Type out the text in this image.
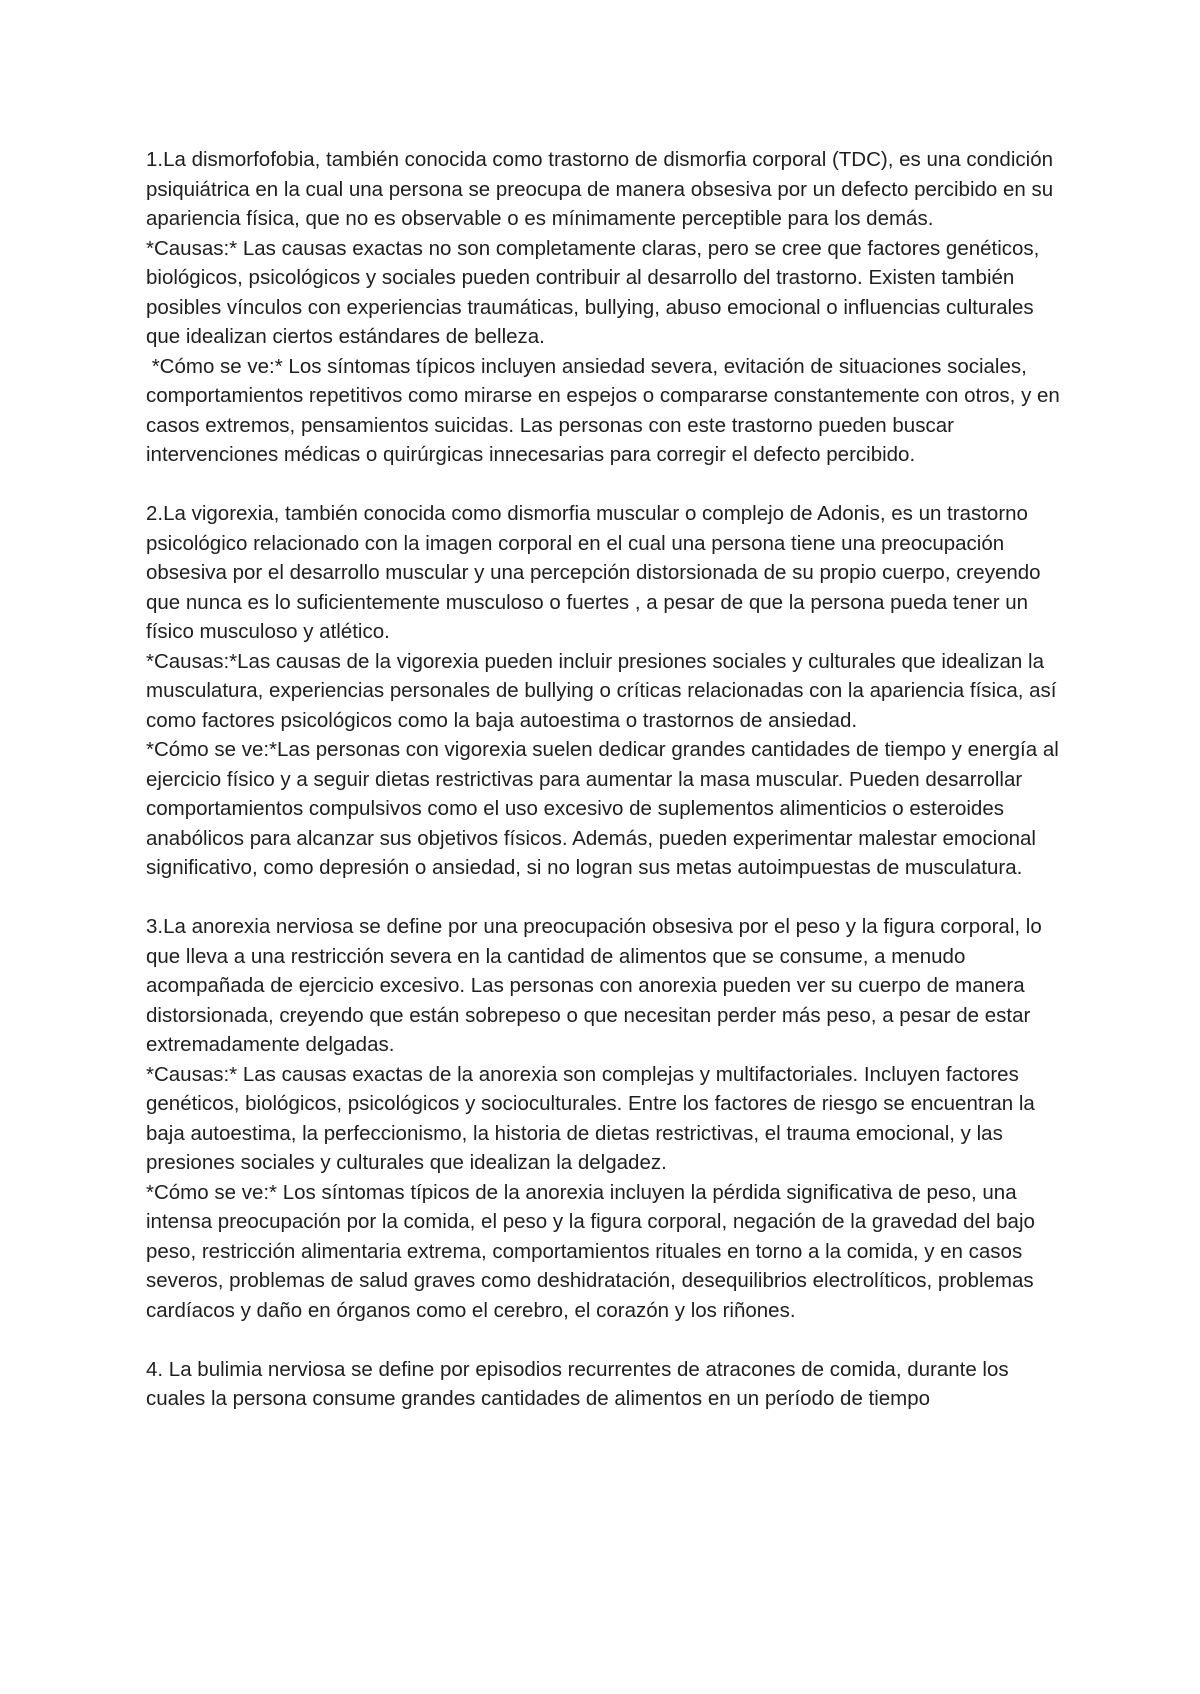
1.La dismorfofobia, también conocida como trastorno de dismorfia corporal (TDC), es una condición psiquiátrica en la cual una persona se preocupa de manera obsesiva por un defecto percibido en su apariencia física, que no es observable o es mínimamente perceptible para los demás.

*Causas:* Las causas exactas no son completamente claras, pero se cree que factores genéticos, biológicos, psicológicos y sociales pueden contribuir al desarrollo del trastorno. Existen también posibles vínculos con experiencias traumáticas, bullying, abuso emocional o influencias culturales que idealizan ciertos estándares de belleza.

*Cómo se ve:* Los síntomas típicos incluyen ansiedad severa, evitación de situaciones sociales, comportamientos repetitivos como mirarse en espejos o compararse constantemente con otros, y en casos extremos, pensamientos suicidas. Las personas con este trastorno pueden buscar intervenciones médicas o quirúrgicas innecesarias para corregir el defecto percibido.

2.La vigorexia, también conocida como dismorfia muscular o complejo de Adonis, es un trastorno psicológico relacionado con la imagen corporal en el cual una persona tiene una preocupación obsesiva por el desarrollo muscular y una percepción distorsionada de su propio cuerpo, creyendo que nunca es lo suficientemente musculoso o fuertes , a pesar de que la persona pueda tener un físico musculoso y atlético.

*Causas:*Las causas de la vigorexia pueden incluir presiones sociales y culturales que idealizan la musculatura, experiencias personales de bullying o críticas relacionadas con la apariencia física, así como factores psicológicos como la baja autoestima o trastornos de ansiedad.

*Cómo se ve:*Las personas con vigorexia suelen dedicar grandes cantidades de tiempo y energía al ejercicio físico y a seguir dietas restrictivas para aumentar la masa muscular. Pueden desarrollar comportamientos compulsivos como el uso excesivo de suplementos alimenticios o esteroides anabólicos para alcanzar sus objetivos físicos. Además, pueden experimentar malestar emocional significativo, como depresión o ansiedad, si no logran sus metas autoimpuestas de musculatura.

3.La anorexia nerviosa se define por una preocupación obsesiva por el peso y la figura corporal, lo que lleva a una restricción severa en la cantidad de alimentos que se consume, a menudo acompañada de ejercicio excesivo. Las personas con anorexia pueden ver su cuerpo de manera distorsionada, creyendo que están sobrepeso o que necesitan perder más peso, a pesar de estar extremadamente delgadas.

*Causas:* Las causas exactas de la anorexia son complejas y multifactoriales. Incluyen factores genéticos, biológicos, psicológicos y socioculturales. Entre los factores de riesgo se encuentran la baja autoestima, la perfeccionismo, la historia de dietas restrictivas, el trauma emocional, y las presiones sociales y culturales que idealizan la delgadez.

*Cómo se ve:* Los síntomas típicos de la anorexia incluyen la pérdida significativa de peso, una intensa preocupación por la comida, el peso y la figura corporal, negación de la gravedad del bajo peso, restricción alimentaria extrema, comportamientos rituales en torno a la comida, y en casos severos, problemas de salud graves como deshidratación, desequilibrios electrolíticos, problemas cardíacos y daño en órganos como el cerebro, el corazón y los riñones.

4. La bulimia nerviosa se define por episodios recurrentes de atracones de comida, durante los cuales la persona consume grandes cantidades de alimentos en un período de tiempo
